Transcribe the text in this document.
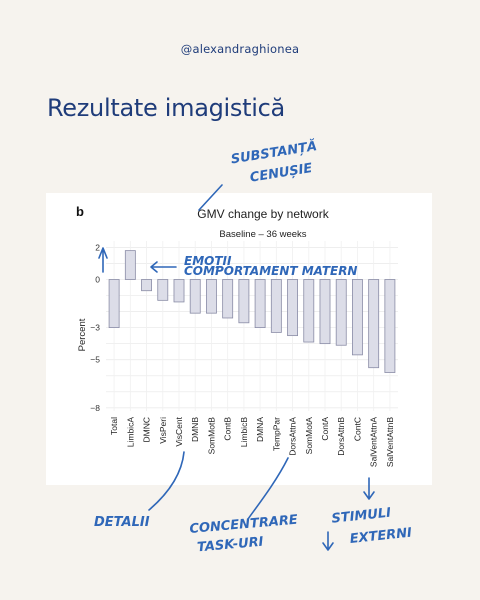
@alexandraghionea
Rezultate imagistică
b	GMV change by network
Baseline – 36 weeks
Percent
2
0
−3
−5
−8
Total LimbicA DMNC VisPeri VisCent DMNB SomMotB ContB LimbicB DMNA TempPar DorsAttnA SomMotA ContA DorsAttnB ContC SalVentAttnA SalVentAttnB
SUBSTANȚĂ CENUȘIE
EMOȚII COMPORTAMENT MATERN
DETALII	CONCENTRARE TASK-URI
STIMULI EXTERNI
